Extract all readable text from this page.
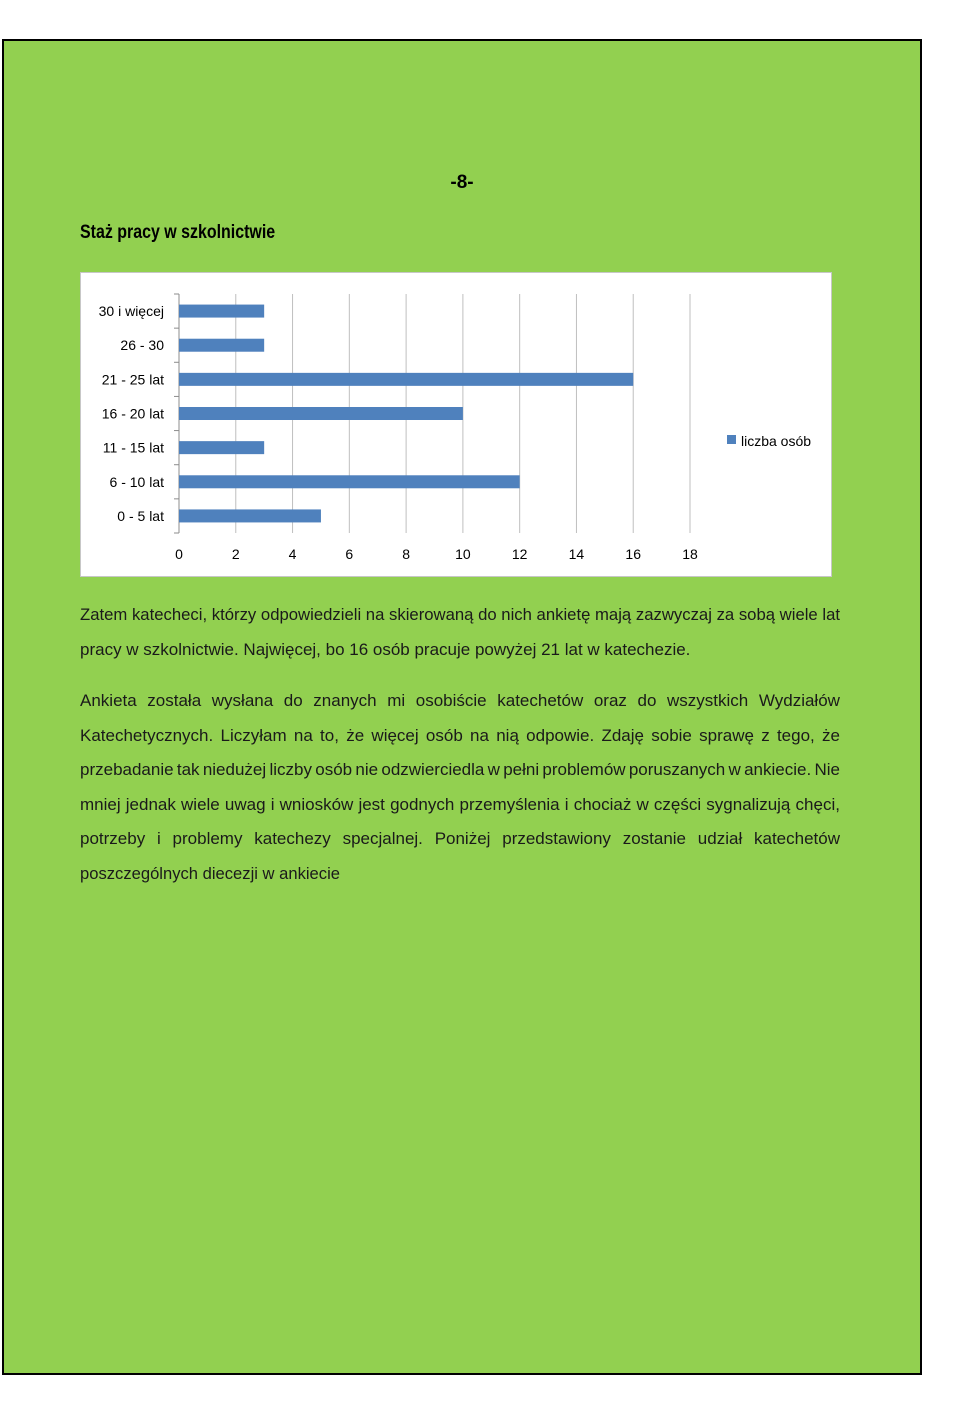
-8-
Staż pracy w szkolnictwie
0	2	4	6	8	10	12	14	16	18
0 - 5 lat
6 - 10 lat
11 - 15 lat
16 - 20 lat
21 - 25 lat
26 - 30
30 i więcej
liczba osób
Zatem katecheci, którzy odpowiedzieli na skierowaną do nich ankietę mają zazwyczaj za sobą wiele lat
pracy w szkolnictwie. Najwięcej, bo 16 osób pracuje powyżej 21 lat w katechezie.
Ankieta została wysłana do znanych mi osobiście katechetów oraz do wszystkich Wydziałów
Katechetycznych. Liczyłam na to, że więcej osób na nią odpowie. Zdaję sobie sprawę z tego, że
przebadanie tak niedużej liczby osób nie odzwierciedla w pełni problemów poruszanych w ankiecie. Nie
mniej jednak wiele uwag i wniosków jest godnych przemyślenia i chociaż w części sygnalizują chęci,
potrzeby i problemy katechezy specjalnej. Poniżej przedstawiony zostanie udział katechetów
poszczególnych diecezji w ankiecie
